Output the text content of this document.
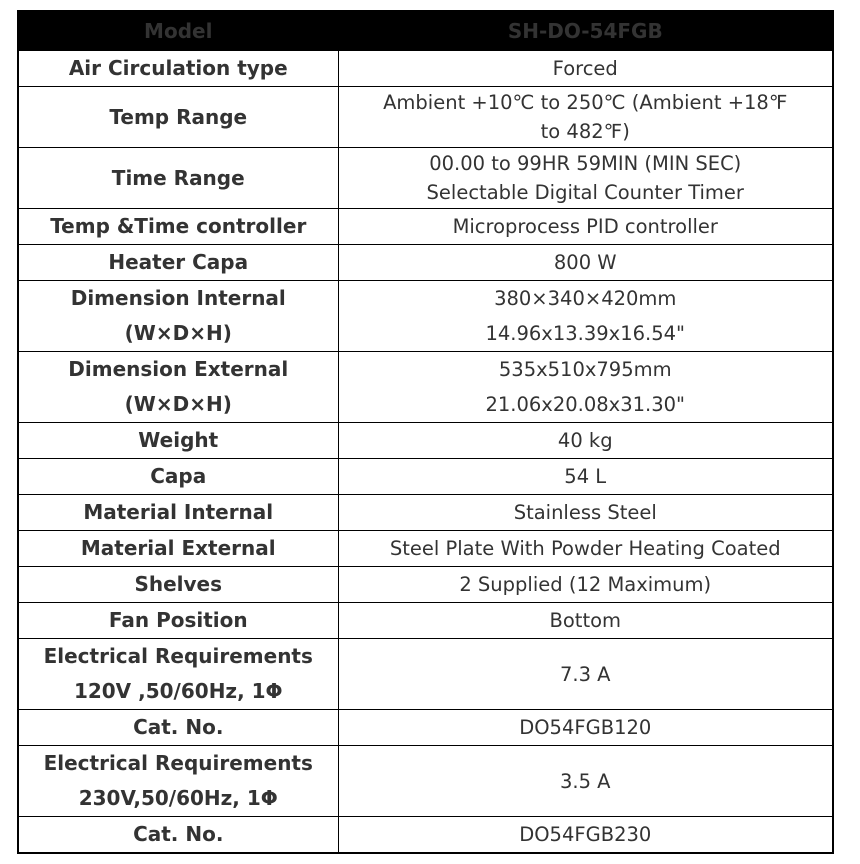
Model	SH-DO-54FGB

Air Circulation type	Forced

Temp Range	Ambient +10℃ to 250℃ (Ambient +18℉
to 482℉)

Time Range	00.00 to 99HR 59MIN (MIN SEC)
Selectable Digital Counter Timer

Temp &Time controller	Microprocess PID controller

Heater Capa	800 W

Dimension Internal
(W×D×H)	380×340×420mm
14.96x13.39x16.54"

Dimension External
(W×D×H)	535x510x795mm
21.06x20.08x31.30"

Weight	40 kg

Capa	54 L

Material Internal	Stainless Steel

Material External	Steel Plate With Powder Heating Coated

Shelves	2 Supplied (12 Maximum)

Fan Position	Bottom

Electrical Requirements
120V ,50/60Hz, 1Φ	7.3 A

Cat. No.	DO54FGB120

Electrical Requirements
230V,50/60Hz, 1Φ	3.5 A

Cat. No.	DO54FGB230
